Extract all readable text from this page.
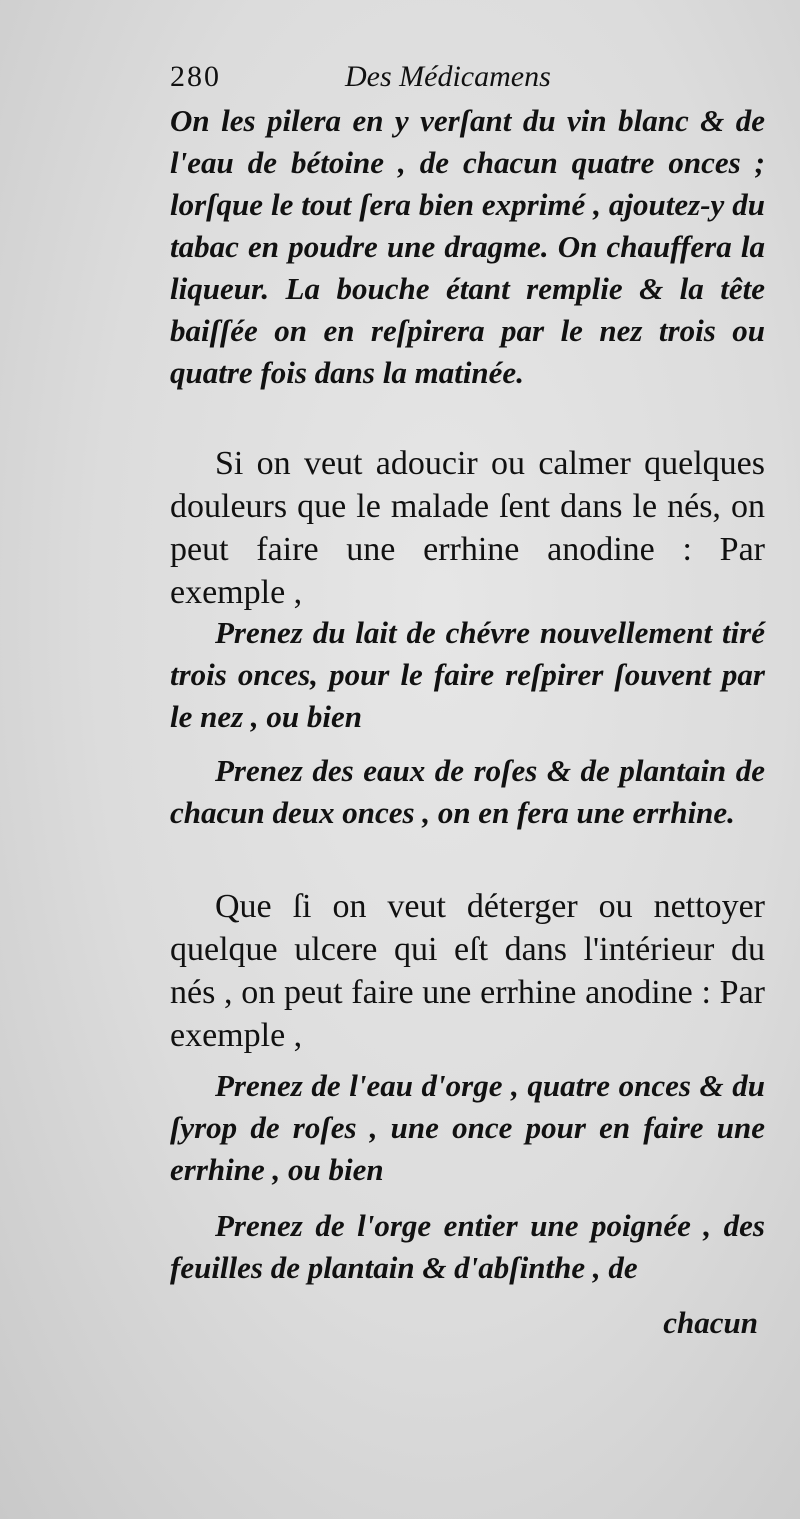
280	Des Médicamens

On les pilera en y verſant du vin blanc & de l'eau de bétoine , de chacun quatre onces ; lorſque le tout ſera bien exprimé , ajoutez-y du tabac en poudre une dragme. On chauffera la liqueur. La bouche étant remplie & la tête baiſſée on en reſpirera par le nez trois ou quatre fois dans la matinée.

Si on veut adoucir ou calmer quelques douleurs que le malade ſent dans le nés, on peut faire une errhine anodine : Par exemple ,

Prenez du lait de chévre nouvellement tiré trois onces, pour le faire reſpirer ſouvent par le nez , ou bien

Prenez des eaux de roſes & de plantain de chacun deux onces , on en fera une errhine.

Que ſi on veut déterger ou nettoyer quelque ulcere qui eſt dans l'intérieur du nés , on peut faire une errhine anodine : Par exemple ,

Prenez de l'eau d'orge , quatre onces & du ſyrop de roſes , une once pour en faire une errhine , ou bien

Prenez de l'orge entier une poignée , des feuilles de plantain & d'abſinthe , de

chacun
